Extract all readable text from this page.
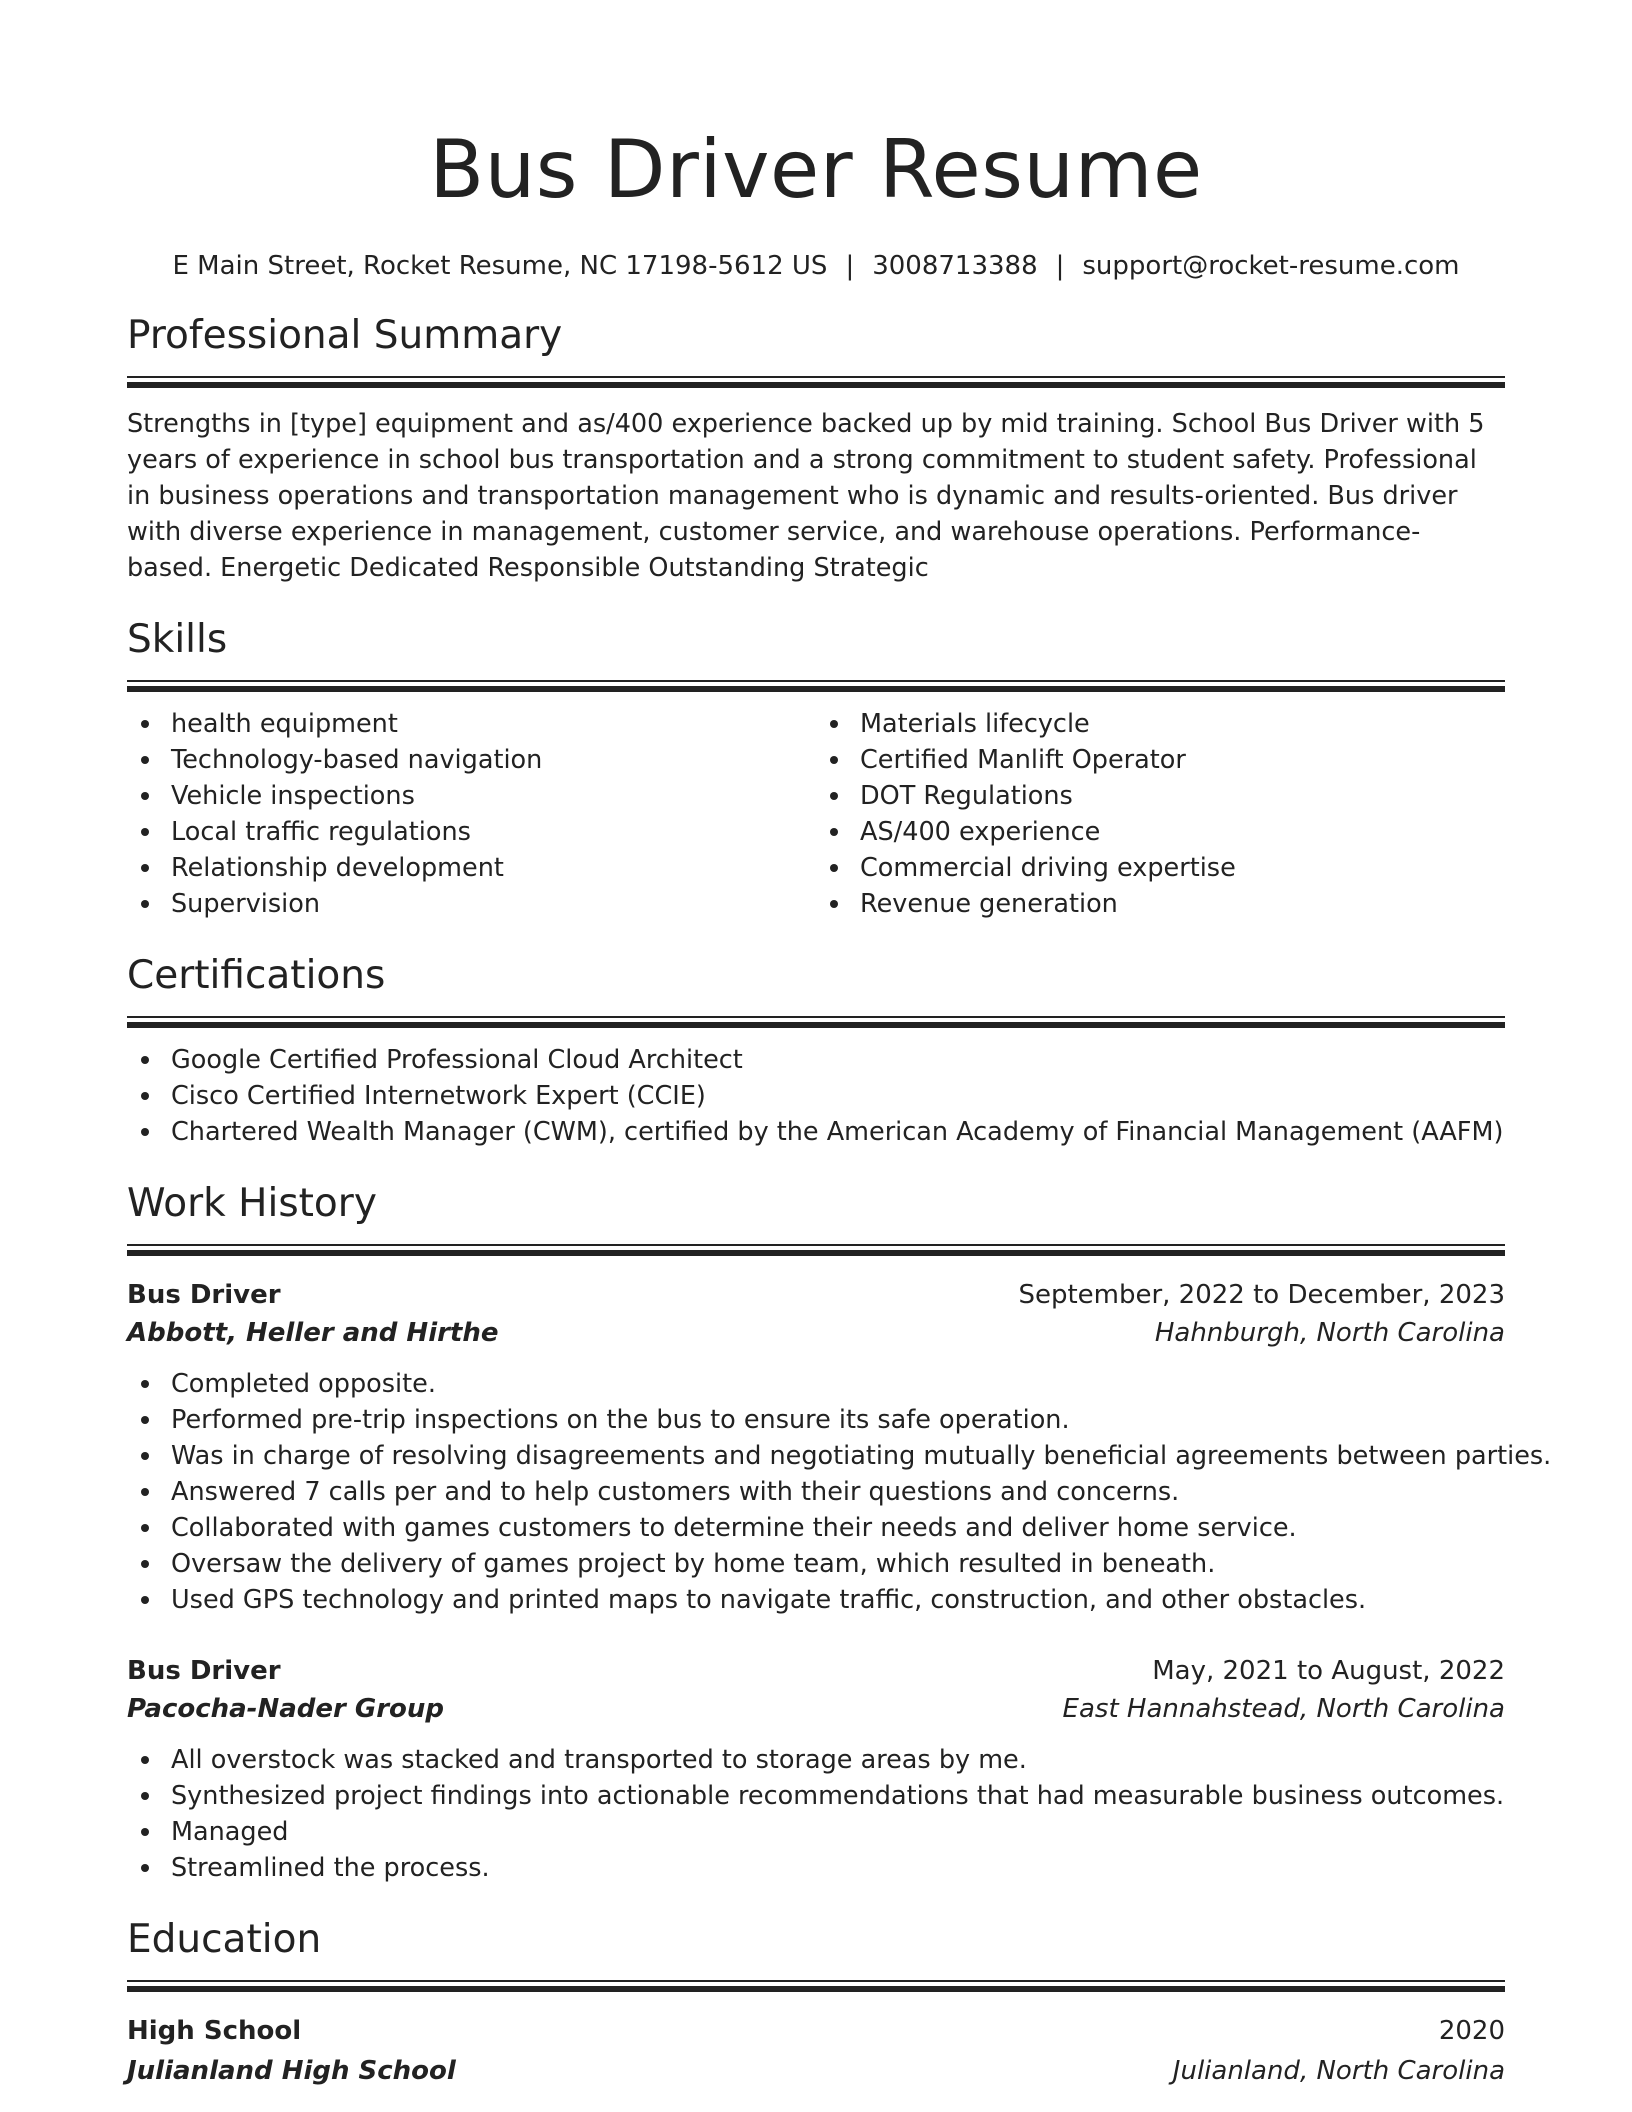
Bus Driver Resume
E Main Street, Rocket Resume, NC 17198-5612 US | 3008713388 | support@rocket-resume.com
Professional Summary

Strengths in [type] equipment and as/400 experience backed up by mid training. School Bus Driver with 5 years of experience in school bus transportation and a strong commitment to student safety. Professional in business operations and transportation management who is dynamic and results-oriented. Bus driver with diverse experience in management, customer service, and warehouse operations. Performance-based. Energetic Dedicated Responsible Outstanding Strategic

Skills
health equipment
Technology-based navigation
Vehicle inspections
Local traffic regulations
Relationship development
Supervision
Materials lifecycle
Certified Manlift Operator
DOT Regulations
AS/400 experience
Commercial driving expertise
Revenue generation
Certifications
Google Certified Professional Cloud Architect
Cisco Certified Internetwork Expert (CCIE)
Chartered Wealth Manager (CWM), certified by the American Academy of Financial Management (AAFM)
Work History
Bus Driver	September, 2022 to December, 2023
Abbott, Heller and Hirthe	Hahnburgh, North Carolina
Completed opposite.
Performed pre-trip inspections on the bus to ensure its safe operation.
Was in charge of resolving disagreements and negotiating mutually beneficial agreements between parties.
Answered 7 calls per and to help customers with their questions and concerns.
Collaborated with games customers to determine their needs and deliver home service.
Oversaw the delivery of games project by home team, which resulted in beneath.
Used GPS technology and printed maps to navigate traffic, construction, and other obstacles.
Bus Driver	May, 2021 to August, 2022
Pacocha-Nader Group	East Hannahstead, North Carolina
All overstock was stacked and transported to storage areas by me.
Synthesized project findings into actionable recommendations that had measurable business outcomes.
Managed
Streamlined the process.
Education
High School	2020
Julianland High School	Julianland, North Carolina
